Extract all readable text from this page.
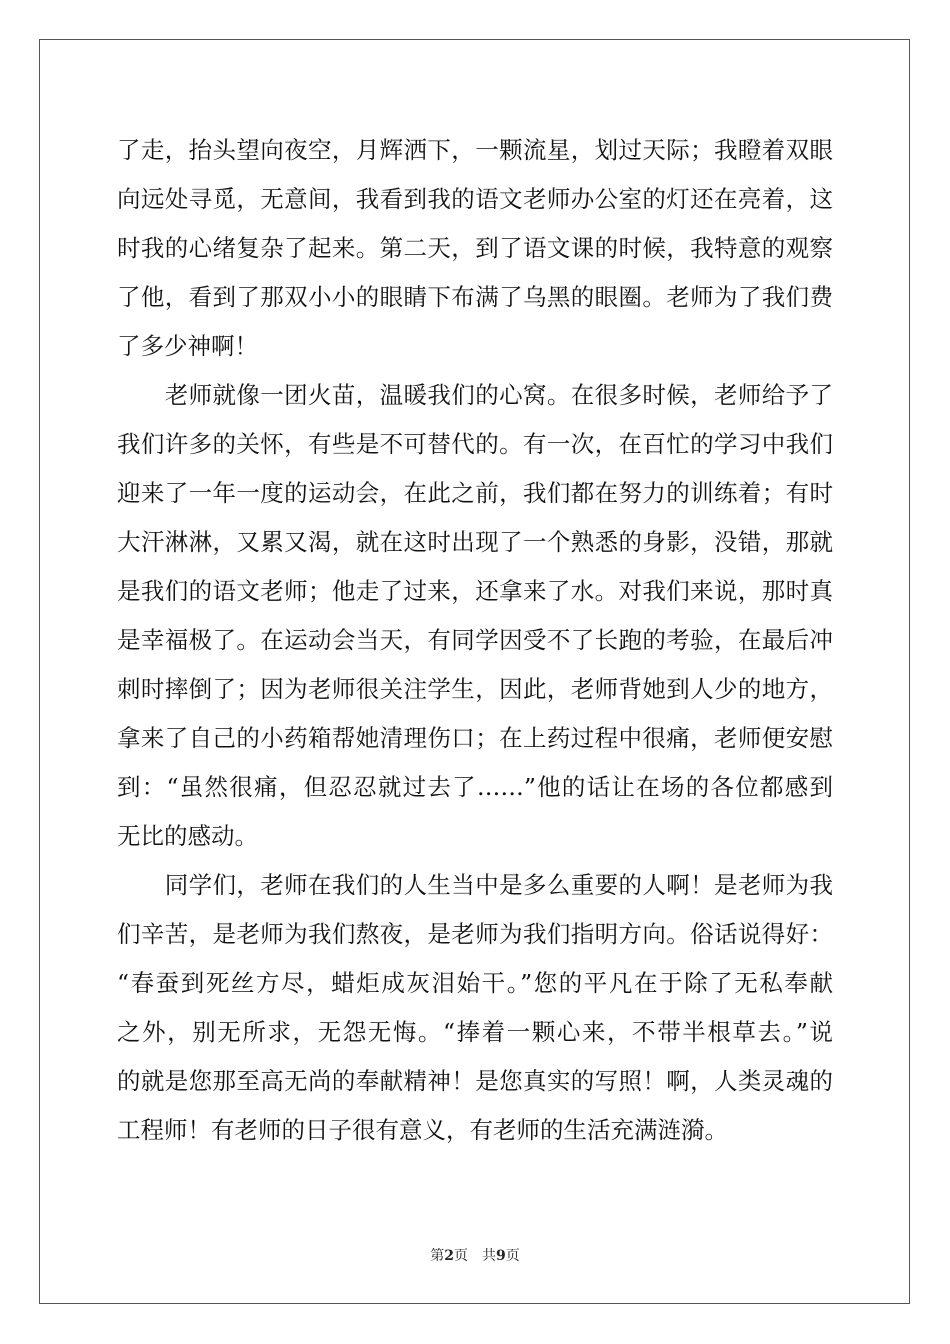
了走，抬头望向夜空，月辉洒下，一颗流星，划过天际；我瞪着双眼
向远处寻觅，无意间，我看到我的语文老师办公室的灯还在亮着，这
时我的心绪复杂了起来。第二天，到了语文课的时候，我特意的观察
了他，看到了那双小小的眼睛下布满了乌黑的眼圈。老师为了我们费
了多少神啊！
　　老师就像一团火苗，温暖我们的心窝。在很多时候，老师给予了
我们许多的关怀，有些是不可替代的。有一次，在百忙的学习中我们
迎来了一年一度的运动会，在此之前，我们都在努力的训练着；有时
大汗淋淋，又累又渴，就在这时出现了一个熟悉的身影，没错，那就
是我们的语文老师；他走了过来，还拿来了水。对我们来说，那时真
是幸福极了。在运动会当天，有同学因受不了长跑的考验，在最后冲
刺时摔倒了；因为老师很关注学生，因此，老师背她到人少的地方，
拿来了自己的小药箱帮她清理伤口；在上药过程中很痛，老师便安慰
到：“虽然很痛，但忍忍就过去了……”他的话让在场的各位都感到
无比的感动。
　　同学们，老师在我们的人生当中是多么重要的人啊！是老师为我
们辛苦，是老师为我们熬夜，是老师为我们指明方向。俗话说得好：
“春蚕到死丝方尽，蜡炬成灰泪始干。”您的平凡在于除了无私奉献
之外，别无所求，无怨无悔。“捧着一颗心来，不带半根草去。”说
的就是您那至高无尚的奉献精神！是您真实的写照！啊，人类灵魂的
工程师！有老师的日子很有意义，有老师的生活充满涟漪。
第2页 共9页
